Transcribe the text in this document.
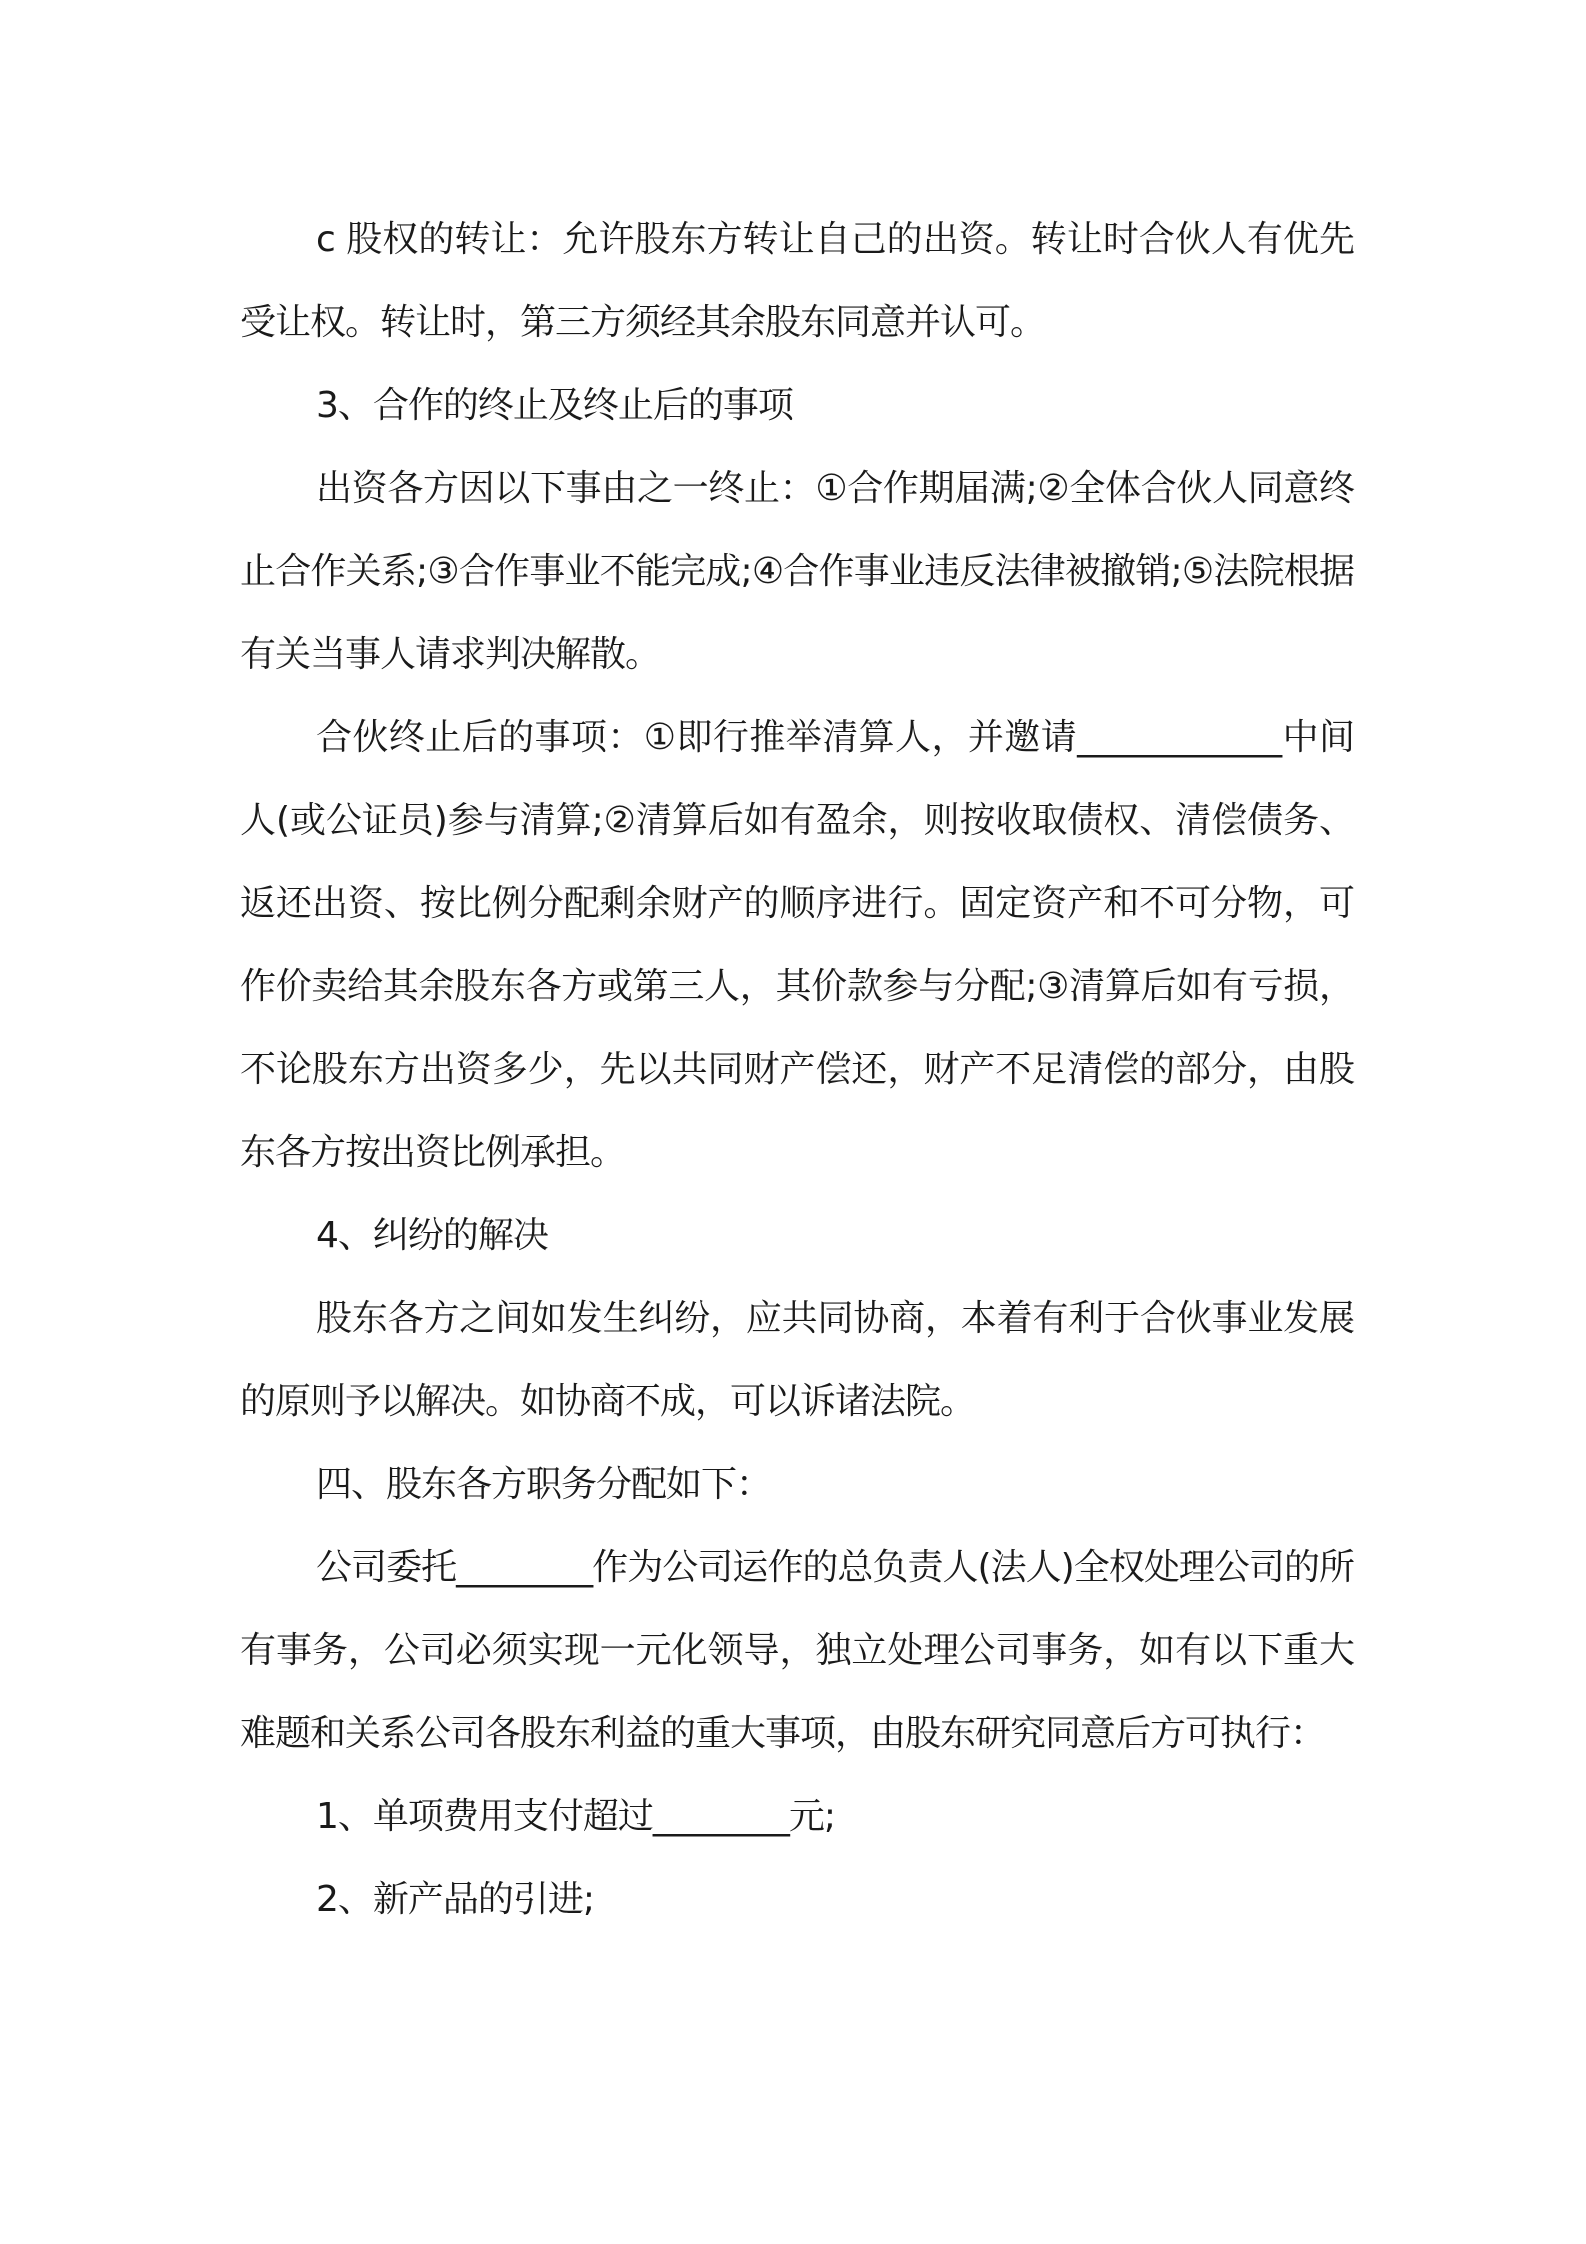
c 股权的转让：允许股东方转让自己的出资。转让时合伙人有优先受让权。转让时，第三方须经其余股东同意并认可。

3、合作的终止及终止后的事项

出资各方因以下事由之一终止：①合作期届满;②全体合伙人同意终止合作关系;③合作事业不能完成;④合作事业违反法律被撤销;⑤法院根据有关当事人请求判决解散。

合伙终止后的事项：①即行推举清算人，并邀请____________中间人(或公证员)参与清算;②清算后如有盈余，则按收取债权、清偿债务、返还出资、按比例分配剩余财产的顺序进行。固定资产和不可分物，可作价卖给其余股东各方或第三人，其价款参与分配;③清算后如有亏损，不论股东方出资多少，先以共同财产偿还，财产不足清偿的部分，由股东各方按出资比例承担。

4、纠纷的解决

股东各方之间如发生纠纷，应共同协商，本着有利于合伙事业发展的原则予以解决。如协商不成，可以诉诸法院。

四、股东各方职务分配如下：

公司委托________作为公司运作的总负责人(法人)全权处理公司的所有事务，公司必须实现一元化领导，独立处理公司事务，如有以下重大难题和关系公司各股东利益的重大事项，由股东研究同意后方可执行：

1、单项费用支付超过________元;

2、新产品的引进;
